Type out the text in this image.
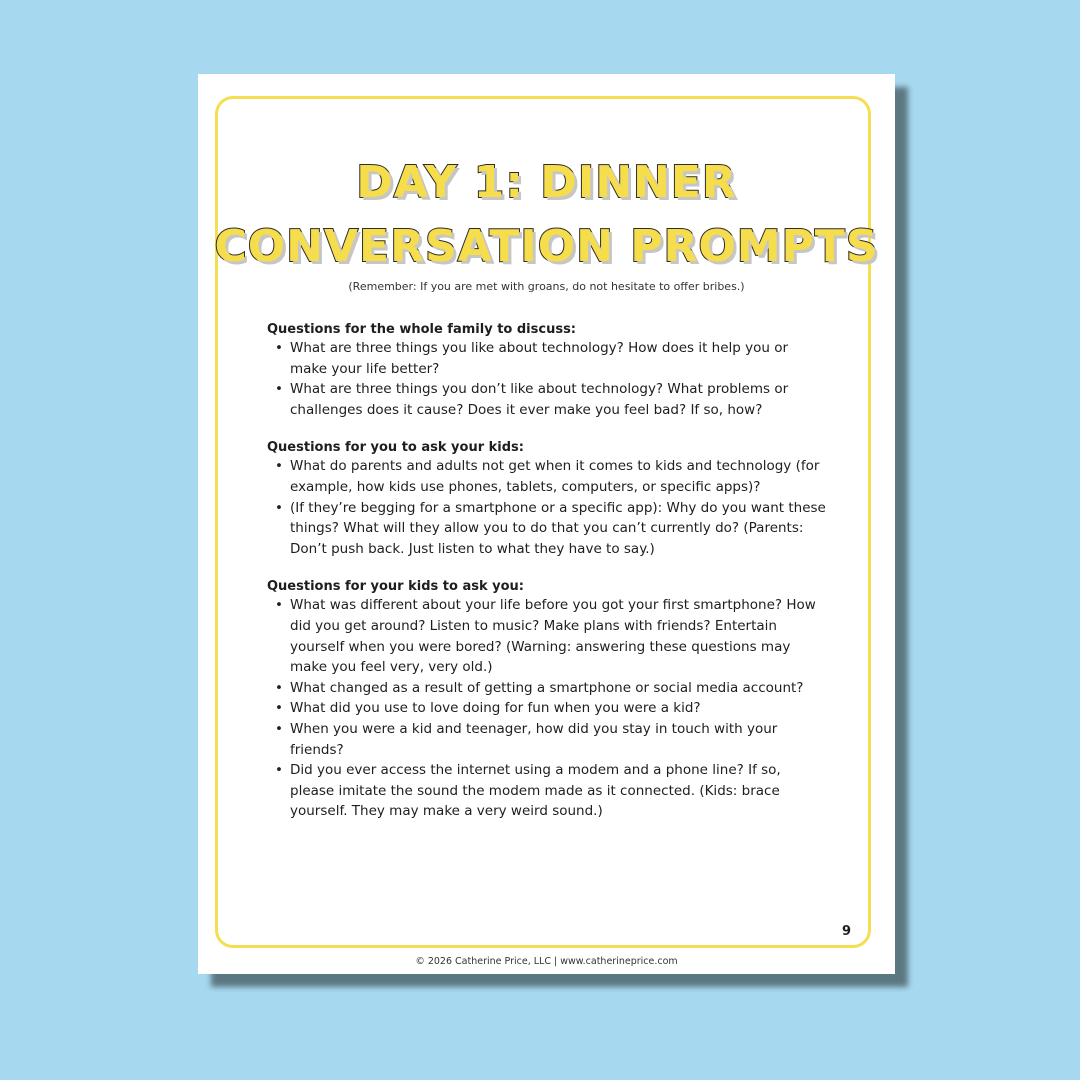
DAY 1: DINNER
CONVERSATION PROMPTS

(Remember: If you are met with groans, do not hesitate to offer bribes.)

Questions for the whole family to discuss:

• What are three things you like about technology? How does it help you or make your life better?
• What are three things you don’t like about technology? What problems or challenges does it cause? Does it ever make you feel bad? If so, how?

Questions for you to ask your kids:

• What do parents and adults not get when it comes to kids and technology (for example, how kids use phones, tablets, computers, or specific apps)?
• (If they’re begging for a smartphone or a specific app): Why do you want these things? What will they allow you to do that you can’t currently do? (Parents: Don’t push back. Just listen to what they have to say.)

Questions for your kids to ask you:

• What was different about your life before you got your first smartphone? How did you get around? Listen to music? Make plans with friends? Entertain yourself when you were bored? (Warning: answering these questions may make you feel very, very old.)
• What changed as a result of getting a smartphone or social media account?
• What did you use to love doing for fun when you were a kid?
• When you were a kid and teenager, how did you stay in touch with your friends?
• Did you ever access the internet using a modem and a phone line? If so, please imitate the sound the modem made as it connected. (Kids: brace yourself. They may make a very weird sound.)
9
© 2026 Catherine Price, LLC | www.catherineprice.com
